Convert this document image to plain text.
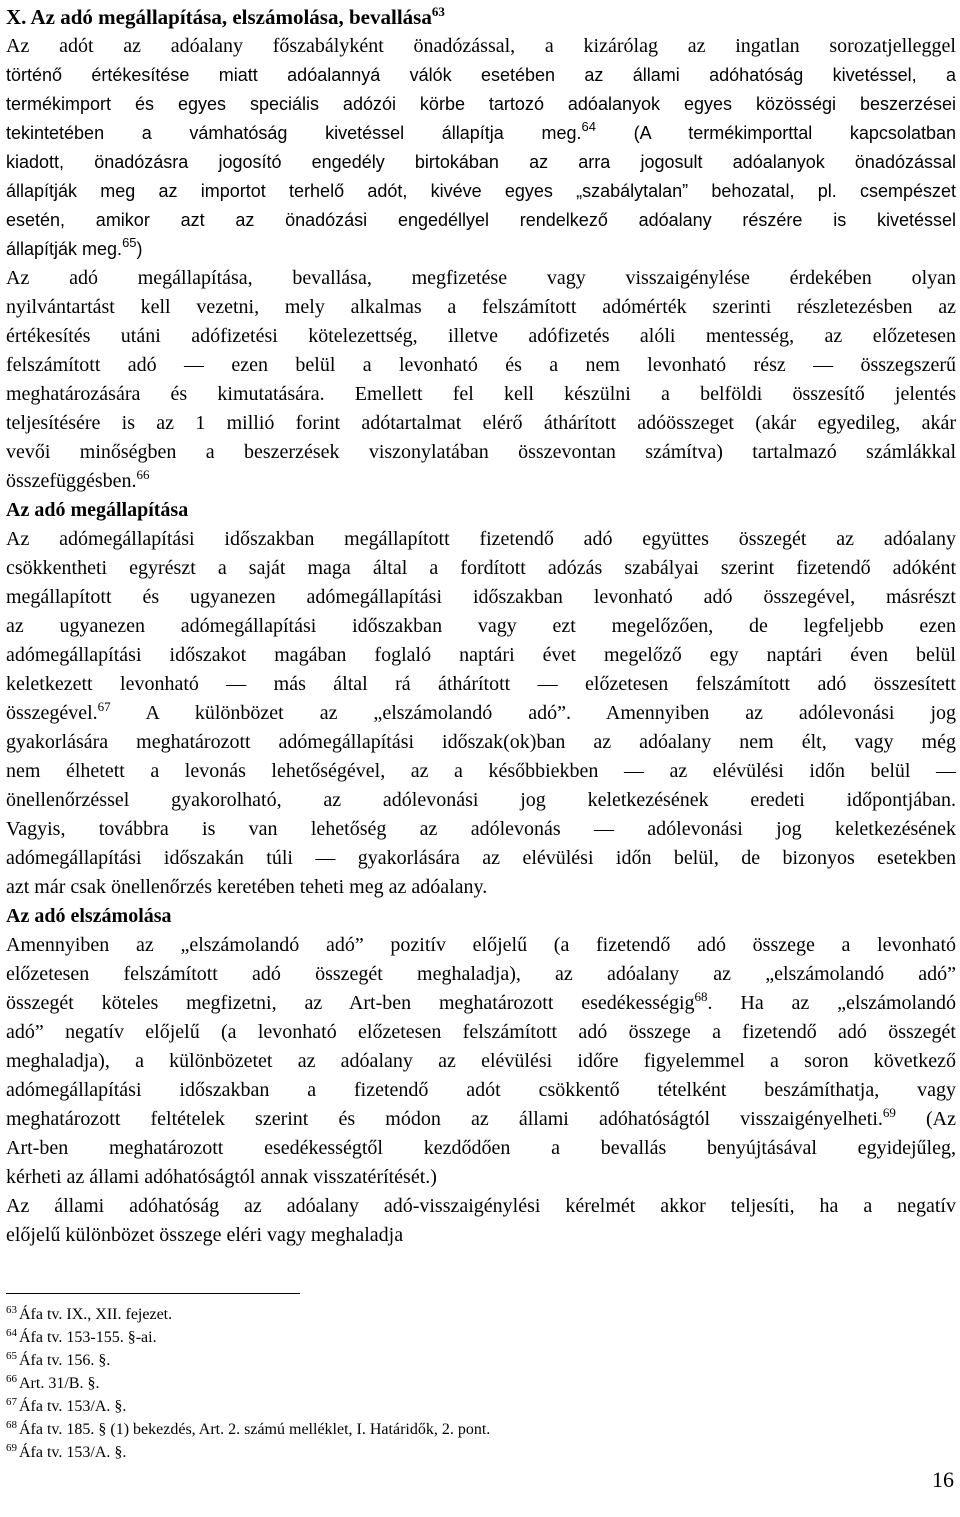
X. Az adó megállapítása, elszámolása, bevallása$^{63}$
Az adót az adóalany főszabályként önadózással, a kizárólag az ingatlan sorozatjelleggel
történő értékesítése miatt adóalannyá válók esetében az állami adóhatóság kivetéssel, a
termékimport és egyes speciális adózói körbe tartozó adóalanyok egyes közösségi beszerzései
tekintetében a vámhatóság kivetéssel állapítja meg.$^{64}$ (A termékimporttal kapcsolatban
kiadott, önadózásra jogosító engedély birtokában az arra jogosult adóalanyok önadózással
állapítják meg az importot terhelő adót, kivéve egyes „szabálytalan” behozatal, pl. csempészet
esetén, amikor azt az önadózási engedéllyel rendelkező adóalany részére is kivetéssel
állapítják meg.$^{65}$)
Az adó megállapítása, bevallása, megfizetése vagy visszaigénylése érdekében olyan
nyilvántartást kell vezetni, mely alkalmas a felszámított adómérték szerinti részletezésben az
értékesítés utáni adófizetési kötelezettség, illetve adófizetés alóli mentesség, az előzetesen
felszámított adó — ezen belül a levonható és a nem levonható rész — összegszerű
meghatározására és kimutatására. Emellett fel kell készülni a belföldi összesítő jelentés
teljesítésére is az 1 millió forint adótartalmat elérő áthárított adóösszeget (akár egyedileg, akár
vevői minőségben a beszerzések viszonylatában összevontan számítva) tartalmazó számlákkal
összefüggésben.$^{66}$
Az adó megállapítása
Az adómegállapítási időszakban megállapított fizetendő adó együttes összegét az adóalany
csökkentheti egyrészt a saját maga által a fordított adózás szabályai szerint fizetendő adóként
megállapított és ugyanezen adómegállapítási időszakban levonható adó összegével, másrészt
az ugyanezen adómegállapítási időszakban vagy ezt megelőzően, de legfeljebb ezen
adómegállapítási időszakot magában foglaló naptári évet megelőző egy naptári éven belül
keletkezett levonható — más által rá áthárított — előzetesen felszámított adó összesített
összegével.$^{67}$ A különbözet az „elszámolandó adó”. Amennyiben az adólevonási jog
gyakorlására meghatározott adómegállapítási időszak(ok)ban az adóalany nem élt, vagy még
nem élhetett a levonás lehetőségével, az a későbbiekben — az elévülési időn belül —
önellenőrzéssel gyakorolható, az adólevonási jog keletkezésének eredeti időpontjában.
Vagyis, továbbra is van lehetőség az adólevonás — adólevonási jog keletkezésének
adómegállapítási időszakán túli — gyakorlására az elévülési időn belül, de bizonyos esetekben
azt már csak önellenőrzés keretében teheti meg az adóalany.
Az adó elszámolása
Amennyiben az „elszámolandó adó” pozitív előjelű (a fizetendő adó összege a levonható
előzetesen felszámított adó összegét meghaladja), az adóalany az „elszámolandó adó”
összegét köteles megfizetni, az Art-ben meghatározott esedékességig$^{68}$. Ha az „elszámolandó
adó” negatív előjelű (a levonható előzetesen felszámított adó összege a fizetendő adó összegét
meghaladja), a különbözetet az adóalany az elévülési időre figyelemmel a soron következő
adómegállapítási időszakban a fizetendő adót csökkentő tételként beszámíthatja, vagy
meghatározott feltételek szerint és módon az állami adóhatóságtól visszaigényelheti.$^{69}$ (Az
Art-ben meghatározott esedékességtől kezdődően a bevallás benyújtásával egyidejűleg,
kérheti az állami adóhatóságtól annak visszatérítését.)
Az állami adóhatóság az adóalany adó-visszaigénylési kérelmét akkor teljesíti, ha a negatív
előjelű különbözet összege eléri vagy meghaladja
$^{63}$ Áfa tv. IX., XII. fejezet.
$^{64}$ Áfa tv. 153-155. §-ai.
$^{65}$ Áfa tv. 156. §.
$^{66}$ Art. 31/B. §.
$^{67}$ Áfa tv. 153/A. §.
$^{68}$ Áfa tv. 185. § (1) bekezdés, Art. 2. számú melléklet, I. Határidők, 2. pont.
$^{69}$ Áfa tv. 153/A. §.
16
